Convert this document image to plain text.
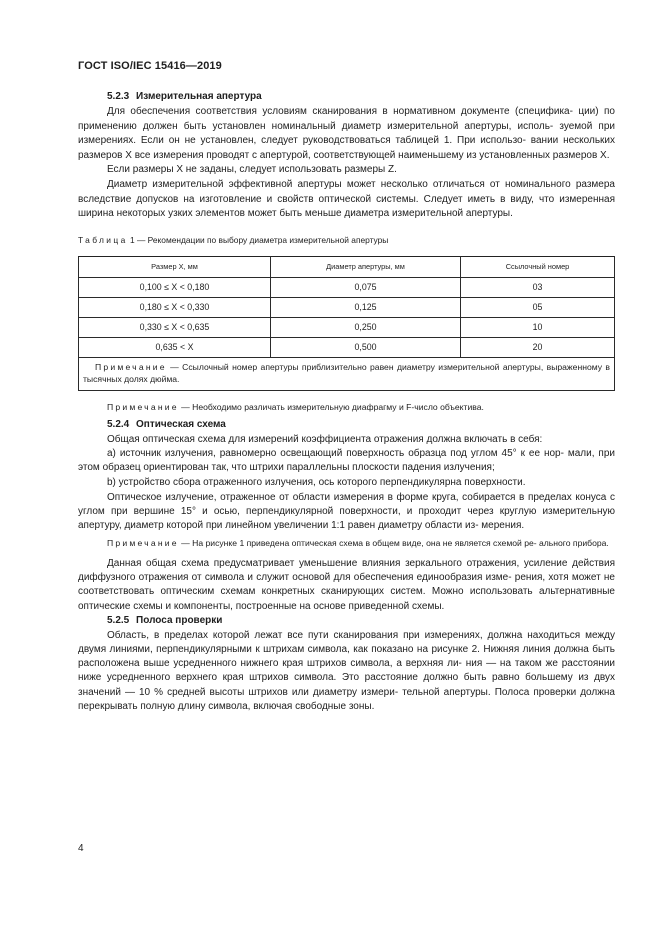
ГОСТ ISO/IEC 15416—2019
5.2.3 Измерительная апертура

Для обеспечения соответствия условиям сканирования в нормативном документе (специфика- ции) по применению должен быть установлен номинальный диаметр измерительной апертуры, исполь- зуемой при измерениях. Если он не установлен, следует руководствоваться таблицей 1. При использо- вании нескольких размеров X все измерения проводят с апертурой, соответствующей наименьшему из установленных размеров X.

Если размеры X не заданы, следует использовать размеры Z.

Диаметр измерительной эффективной апертуры может несколько отличаться от номинального размера вследствие допусков на изготовление и свойств оптической системы. Следует иметь в виду, что измеренная ширина некоторых узких элементов может быть меньше диаметра измерительной апертуры.

Таблица 1 — Рекомендации по выбору диаметра измерительной апертуры
Размер X, мм	Диаметр апертуры, мм	Ссылочный номер
0,100 ≤ X < 0,180	0,075	03
0,180 ≤ X < 0,330	0,125	05
0,330 ≤ X < 0,635	0,250	10
0,635 < X	0,500	20

Примечание — Ссылочный номер апертуры приблизительно равен диаметру измерительной апертуры, выраженному в тысячных долях дюйма.		

Примечание — Необходимо различать измерительную диафрагму и F-число объектива.

5.2.4 Оптическая схема

Общая оптическая схема для измерений коэффициента отражения должна включать в себя:

а) источник излучения, равномерно освещающий поверхность образца под углом 45° к ее нор- мали, при этом образец ориентирован так, что штрихи параллельны плоскости падения излучения;

b) устройство сбора отраженного излучения, ось которого перпендикулярна поверхности.

Оптическое излучение, отраженное от области измерения в форме круга, собирается в пределах конуса с углом при вершине 15° и осью, перпендикулярной поверхности, и проходит через круглую измерительную апертуру, диаметр которой при линейном увеличении 1:1 равен диаметру области из- мерения.

Примечание — На рисунке 1 приведена оптическая схема в общем виде, она не является схемой ре- ального прибора.

Данная общая схема предусматривает уменьшение влияния зеркального отражения, усиление действия диффузного отражения от символа и служит основой для обеспечения единообразия изме- рения, хотя может не соответствовать оптическим схемам конкретных сканирующих систем. Можно использовать альтернативные оптические схемы и компоненты, построенные на основе приведенной схемы.

5.2.5 Полоса проверки

Область, в пределах которой лежат все пути сканирования при измерениях, должна находиться между двумя линиями, перпендикулярными к штрихам символа, как показано на рисунке 2. Нижняя линия должна быть расположена выше усредненного нижнего края штрихов символа, а верхняя ли- ния — на таком же расстоянии ниже усредненного верхнего края штрихов символа. Это расстояние должно быть равно большему из двух значений — 10 % средней высоты штрихов или диаметру измери- тельной апертуры. Полоса проверки должна перекрывать полную длину символа, включая свободные зоны.

4
